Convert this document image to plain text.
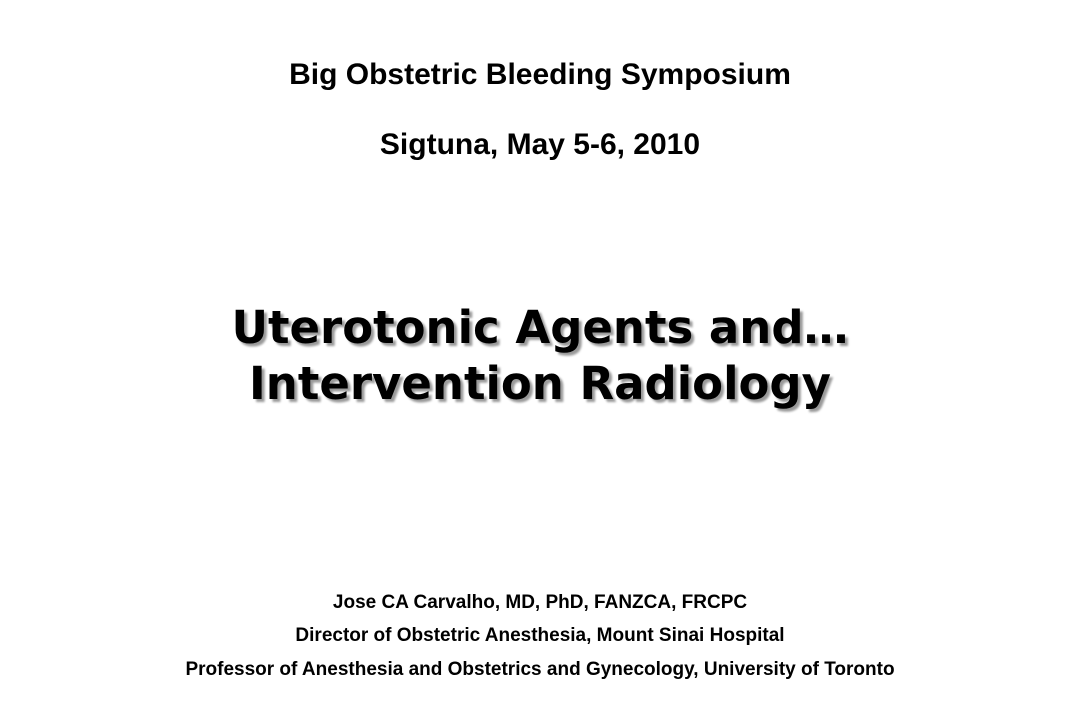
Big Obstetric Bleeding Symposium
Sigtuna, May 5-6, 2010
Uterotonic Agents and…
Intervention Radiology
Jose CA Carvalho, MD, PhD, FANZCA, FRCPC
Director of Obstetric Anesthesia, Mount Sinai Hospital
Professor of Anesthesia and Obstetrics and Gynecology, University of Toronto
